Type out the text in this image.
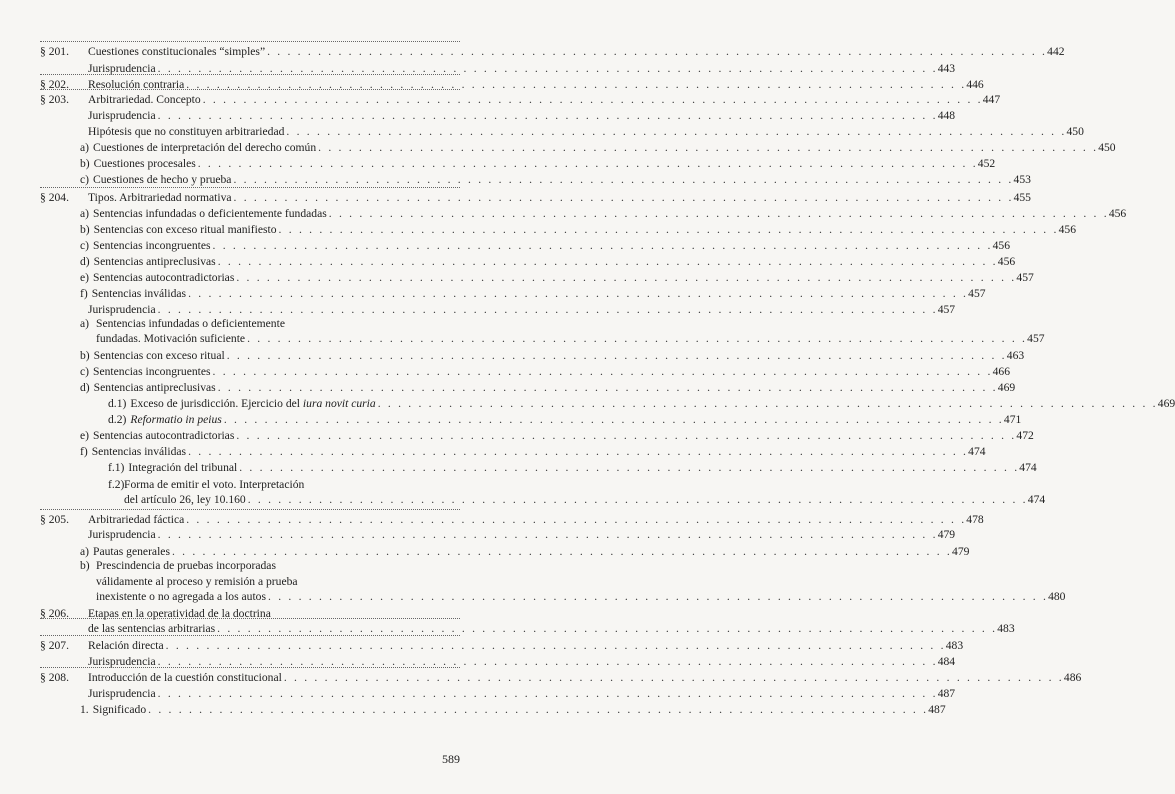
§ 201. Cuestiones constitucionales “simples” . . . . . . . . . . . . . . . . . . . . . . . . . . . . . . . . . . . . . . . . . . . . . . . . . . . . . . . . . . . . . . . . . . . . . . . . . . . . . 442
Jurisprudencia . . . . . . . . . . . . . . . . . . . . . . . . . . . . . . . . . . . . . . . . . . . . . . . . . . . . . . . . . . . . . . . . . . . . . . . . . . . . . 443
§ 202. Resolución contraria . . . . . . . . . . . . . . . . . . . . . . . . . . . . . . . . . . . . . . . . . . . . . . . . . . . . . . . . . . . . . . . . . . . . . . . . . . . . . 446
§ 203. Arbitrariedad. Concepto . . . . . . . . . . . . . . . . . . . . . . . . . . . . . . . . . . . . . . . . . . . . . . . . . . . . . . . . . . . . . . . . . . . . . . . . . . . . . 447
Jurisprudencia . . . . . . . . . . . . . . . . . . . . . . . . . . . . . . . . . . . . . . . . . . . . . . . . . . . . . . . . . . . . . . . . . . . . . . . . . . . . . 448
Hipótesis que no constituyen arbitrariedad . . . . . . . . . . . . . . . . . . . . . . . . . . . . . . . . . . . . . . . . . . . . . . . . . . . . . . . . . . . . . . . . . . . . . . . . . . . . . 450
a) Cuestiones de interpretación del derecho común . . . . . . . . . . . . . . . . . . . . . . . . . . . . . . . . . . . . . . . . . . . . . . . . . . . . . . . . . . . . . . . . . . . . . . . . . . . . . 450
b) Cuestiones procesales . . . . . . . . . . . . . . . . . . . . . . . . . . . . . . . . . . . . . . . . . . . . . . . . . . . . . . . . . . . . . . . . . . . . . . . . . . . . . 452
c) Cuestiones de hecho y prueba . . . . . . . . . . . . . . . . . . . . . . . . . . . . . . . . . . . . . . . . . . . . . . . . . . . . . . . . . . . . . . . . . . . . . . . . . . . . . 453
§ 204. Tipos. Arbitrariedad normativa . . . . . . . . . . . . . . . . . . . . . . . . . . . . . . . . . . . . . . . . . . . . . . . . . . . . . . . . . . . . . . . . . . . . . . . . . . . . . 455
a) Sentencias infundadas o deficientemente fundadas . . . . . . . . . . . . . . . . . . . . . . . . . . . . . . . . . . . . . . . . . . . . . . . . . . . . . . . . . . . . . . . . . . . . . . . . . . . . . 456
b) Sentencias con exceso ritual manifiesto . . . . . . . . . . . . . . . . . . . . . . . . . . . . . . . . . . . . . . . . . . . . . . . . . . . . . . . . . . . . . . . . . . . . . . . . . . . . . 456
c) Sentencias incongruentes . . . . . . . . . . . . . . . . . . . . . . . . . . . . . . . . . . . . . . . . . . . . . . . . . . . . . . . . . . . . . . . . . . . . . . . . . . . . . 456
d) Sentencias antipreclusivas . . . . . . . . . . . . . . . . . . . . . . . . . . . . . . . . . . . . . . . . . . . . . . . . . . . . . . . . . . . . . . . . . . . . . . . . . . . . . 456
e) Sentencias autocontradictorias . . . . . . . . . . . . . . . . . . . . . . . . . . . . . . . . . . . . . . . . . . . . . . . . . . . . . . . . . . . . . . . . . . . . . . . . . . . . . 457
f) Sentencias inválidas . . . . . . . . . . . . . . . . . . . . . . . . . . . . . . . . . . . . . . . . . . . . . . . . . . . . . . . . . . . . . . . . . . . . . . . . . . . . . 457
Jurisprudencia . . . . . . . . . . . . . . . . . . . . . . . . . . . . . . . . . . . . . . . . . . . . . . . . . . . . . . . . . . . . . . . . . . . . . . . . . . . . . 457
a) Sentencias infundadas o deficientemente
fundadas. Motivación suficiente . . . . . . . . . . . . . . . . . . . . . . . . . . . . . . . . . . . . . . . . . . . . . . . . . . . . . . . . . . . . . . . . . . . . . . . . . . . . . 457
b) Sentencias con exceso ritual . . . . . . . . . . . . . . . . . . . . . . . . . . . . . . . . . . . . . . . . . . . . . . . . . . . . . . . . . . . . . . . . . . . . . . . . . . . . . 463
c) Sentencias incongruentes . . . . . . . . . . . . . . . . . . . . . . . . . . . . . . . . . . . . . . . . . . . . . . . . . . . . . . . . . . . . . . . . . . . . . . . . . . . . . 466
d) Sentencias antipreclusivas . . . . . . . . . . . . . . . . . . . . . . . . . . . . . . . . . . . . . . . . . . . . . . . . . . . . . . . . . . . . . . . . . . . . . . . . . . . . . 469
d.1) Exceso de jurisdicción. Ejercicio del iura novit curia . . . . . . . . . . . . . . . . . . . . . . . . . . . . . . . . . . . . . . . . . . . . . . . . . . . . . . . . . . . . . . . . . . . . . . . . . . . . . 469
d.2) Reformatio in peius . . . . . . . . . . . . . . . . . . . . . . . . . . . . . . . . . . . . . . . . . . . . . . . . . . . . . . . . . . . . . . . . . . . . . . . . . . . . . 471
e) Sentencias autocontradictorias . . . . . . . . . . . . . . . . . . . . . . . . . . . . . . . . . . . . . . . . . . . . . . . . . . . . . . . . . . . . . . . . . . . . . . . . . . . . . 472
f) Sentencias inválidas . . . . . . . . . . . . . . . . . . . . . . . . . . . . . . . . . . . . . . . . . . . . . . . . . . . . . . . . . . . . . . . . . . . . . . . . . . . . . 474
f.1) Integración del tribunal . . . . . . . . . . . . . . . . . . . . . . . . . . . . . . . . . . . . . . . . . . . . . . . . . . . . . . . . . . . . . . . . . . . . . . . . . . . . . 474
f.2) Forma de emitir el voto. Interpretación
del artículo 26, ley 10.160 . . . . . . . . . . . . . . . . . . . . . . . . . . . . . . . . . . . . . . . . . . . . . . . . . . . . . . . . . . . . . . . . . . . . . . . . . . . . . 474
§ 205. Arbitrariedad fáctica . . . . . . . . . . . . . . . . . . . . . . . . . . . . . . . . . . . . . . . . . . . . . . . . . . . . . . . . . . . . . . . . . . . . . . . . . . . . . 478
Jurisprudencia . . . . . . . . . . . . . . . . . . . . . . . . . . . . . . . . . . . . . . . . . . . . . . . . . . . . . . . . . . . . . . . . . . . . . . . . . . . . . 479
a) Pautas generales . . . . . . . . . . . . . . . . . . . . . . . . . . . . . . . . . . . . . . . . . . . . . . . . . . . . . . . . . . . . . . . . . . . . . . . . . . . . . 479
b) Prescindencia de pruebas incorporadas
válidamente al proceso y remisión a prueba
inexistente o no agregada a los autos . . . . . . . . . . . . . . . . . . . . . . . . . . . . . . . . . . . . . . . . . . . . . . . . . . . . . . . . . . . . . . . . . . . . . . . . . . . . . 480
Etapas en la operatividad de la doctrina
§ 206.
de las sentencias arbitrarias . . . . . . . . . . . . . . . . . . . . . . . . . . . . . . . . . . . . . . . . . . . . . . . . . . . . . . . . . . . . . . . . . . . . . . . . . . . . . 483
§ 207. Relación directa . . . . . . . . . . . . . . . . . . . . . . . . . . . . . . . . . . . . . . . . . . . . . . . . . . . . . . . . . . . . . . . . . . . . . . . . . . . . . 483
Jurisprudencia . . . . . . . . . . . . . . . . . . . . . . . . . . . . . . . . . . . . . . . . . . . . . . . . . . . . . . . . . . . . . . . . . . . . . . . . . . . . . 484
§ 208. Introducción de la cuestión constitucional . . . . . . . . . . . . . . . . . . . . . . . . . . . . . . . . . . . . . . . . . . . . . . . . . . . . . . . . . . . . . . . . . . . . . . . . . . . . . 486
Jurisprudencia . . . . . . . . . . . . . . . . . . . . . . . . . . . . . . . . . . . . . . . . . . . . . . . . . . . . . . . . . . . . . . . . . . . . . . . . . . . . . 487
1. Significado . . . . . . . . . . . . . . . . . . . . . . . . . . . . . . . . . . . . . . . . . . . . . . . . . . . . . . . . . . . . . . . . . . . . . . . . . . . . . 487
589
